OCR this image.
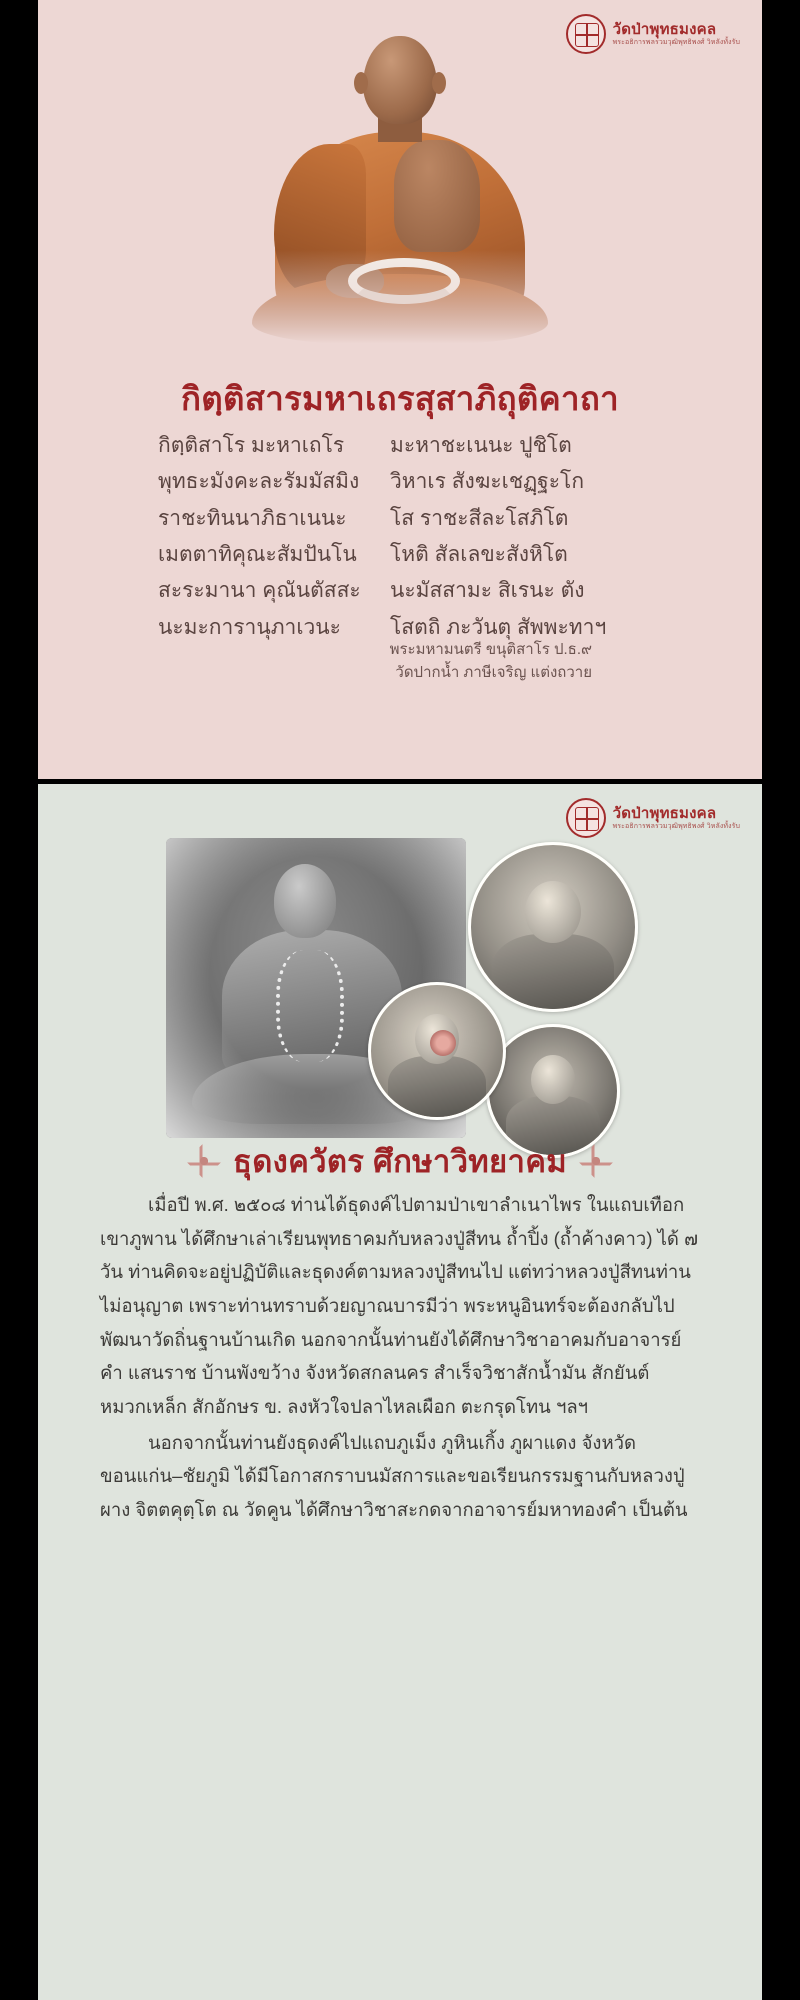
วัดป่าพุทธมงคล
พระอธิการพลรวมวุฒิพุทธิพงศ์ วิหลังทั้งรับ
กิตฺติสารมหาเถรสุสาภิถุติคาถา
กิตฺติสาโร มะหาเถโร	มะหาชะเนนะ ปูชิโต
พุทธะมังคะละรัมมัสมิง	วิหาเร สังฆะเชฏฺฐะโก
ราชะทินนาภิธาเนนะ	โส ราชะสีละโสภิโต
เมตตาทิคุณะสัมปันโน	โหติ สัลเลขะสังหิโต
สะระมานา คุณันตัสสะ	นะมัสสามะ สิเรนะ ตัง
นะมะการานุภาเวนะ	โสตถิ ภะวันตุ สัพพะทาฯ
พระมหามนตรี ขนุติสาโร ป.ธ.๙
วัดปากน้ำ ภาษีเจริญ แต่งถวาย
วัดป่าพุทธมงคล
พระอธิการพลรวมวุฒิพุทธิพงศ์ วิหลังทั้งรับ
ธุดงควัตร ศึกษาวิทยาคม

เมื่อปี พ.ศ. ๒๕๐๘ ท่านได้ธุดงค์ไปตามป่าเขาลำเนาไพร ในแถบเทือกเขาภูพาน ได้ศึกษาเล่าเรียนพุทธาคมกับหลวงปู่สีทน ถ้ำปิ้ง (ถ้ำค้างคาว) ได้ ๗ วัน ท่านคิดจะอยู่ปฏิบัติและธุดงค์ตามหลวงปู่สีทนไป แต่ทว่าหลวงปู่สีทนท่านไม่อนุญาต เพราะท่านทราบด้วยญาณบารมีว่า พระหนูอินทร์จะต้องกลับไปพัฒนาวัดถิ่นฐานบ้านเกิด นอกจากนั้นท่านยังได้ศึกษาวิชาอาคมกับอาจารย์คำ แสนราช บ้านพังขว้าง จังหวัดสกลนคร สำเร็จวิชาสักน้ำมัน สักยันต์หมวกเหล็ก สักอักษร ข. ลงหัวใจปลาไหลเผือก ตะกรุดโทน ฯลฯ

นอกจากนั้นท่านยังธุดงค์ไปแถบภูเม็ง ภูหินเกิ้ง ภูผาแดง จังหวัดขอนแก่น–ชัยภูมิ ได้มีโอกาสกราบนมัสการและขอเรียนกรรมฐานกับหลวงปู่ผาง จิตตคุตฺโต ณ วัดคูน ได้ศึกษาวิชาสะกดจากอาจารย์มหาทองคำ เป็นต้น
